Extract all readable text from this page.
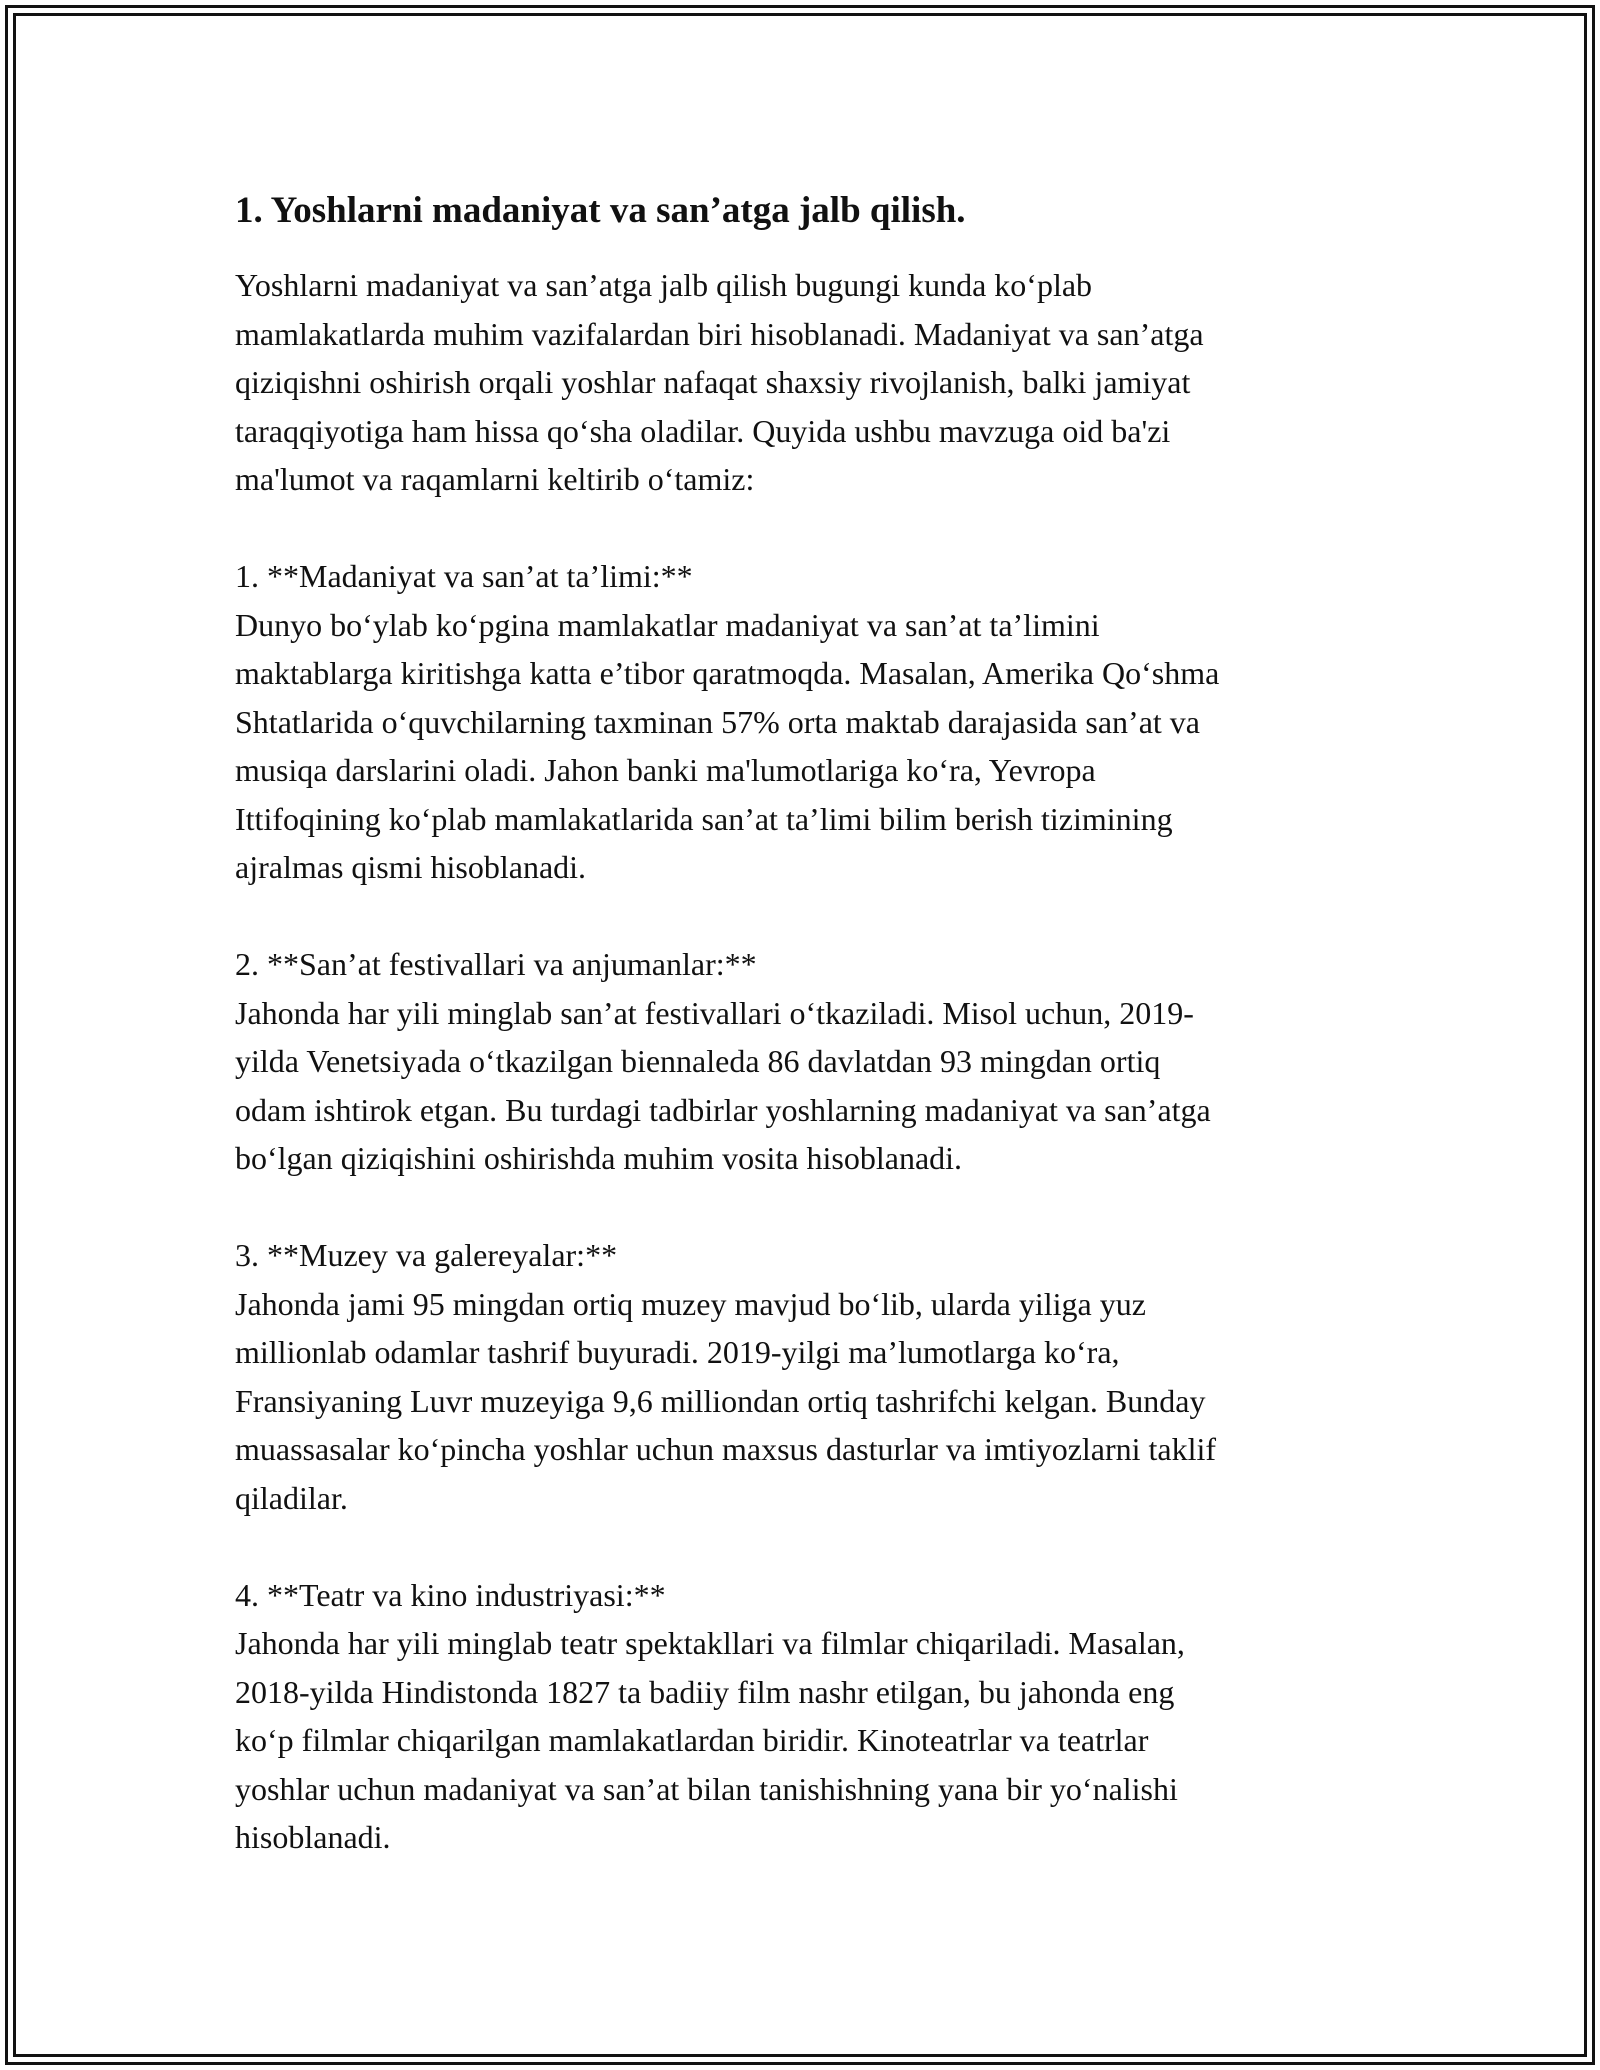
1. Yoshlarni madaniyat va san’atga jalb qilish.

Yoshlarni madaniyat va san’atga jalb qilish bugungi kunda ko‘plab
mamlakatlarda muhim vazifalardan biri hisoblanadi. Madaniyat va san’atga
qiziqishni oshirish orqali yoshlar nafaqat shaxsiy rivojlanish, balki jamiyat
taraqqiyotiga ham hissa qo‘sha oladilar. Quyida ushbu mavzuga oid ba'zi
ma'lumot va raqamlarni keltirib o‘tamiz:

1. **Madaniyat va san’at ta’limi:**

Dunyo bo‘ylab ko‘pgina mamlakatlar madaniyat va san’at ta’limini
maktablarga kiritishga katta e’tibor qaratmoqda. Masalan, Amerika Qo‘shma
Shtatlarida o‘quvchilarning taxminan 57% orta maktab darajasida san’at va
musiqa darslarini oladi. Jahon banki ma'lumotlariga ko‘ra, Yevropa
Ittifoqining ko‘plab mamlakatlarida san’at ta’limi bilim berish tizimining
ajralmas qismi hisoblanadi.

2. **San’at festivallari va anjumanlar:**

Jahonda har yili minglab san’at festivallari o‘tkaziladi. Misol uchun, 2019-
yilda Venetsiyada o‘tkazilgan biennaleda 86 davlatdan 93 mingdan ortiq
odam ishtirok etgan. Bu turdagi tadbirlar yoshlarning madaniyat va san’atga
bo‘lgan qiziqishini oshirishda muhim vosita hisoblanadi.

3. **Muzey va galereyalar:**

Jahonda jami 95 mingdan ortiq muzey mavjud bo‘lib, ularda yiliga yuz
millionlab odamlar tashrif buyuradi. 2019-yilgi ma’lumotlarga ko‘ra,
Fransiyaning Luvr muzeyiga 9,6 milliondan ortiq tashrifchi kelgan. Bunday
muassasalar ko‘pincha yoshlar uchun maxsus dasturlar va imtiyozlarni taklif
qiladilar.

4. **Teatr va kino industriyasi:**

Jahonda har yili minglab teatr spektakllari va filmlar chiqariladi. Masalan,
2018-yilda Hindistonda 1827 ta badiiy film nashr etilgan, bu jahonda eng
ko‘p filmlar chiqarilgan mamlakatlardan biridir. Kinoteatrlar va teatrlar
yoshlar uchun madaniyat va san’at bilan tanishishning yana bir yo‘nalishi
hisoblanadi.
